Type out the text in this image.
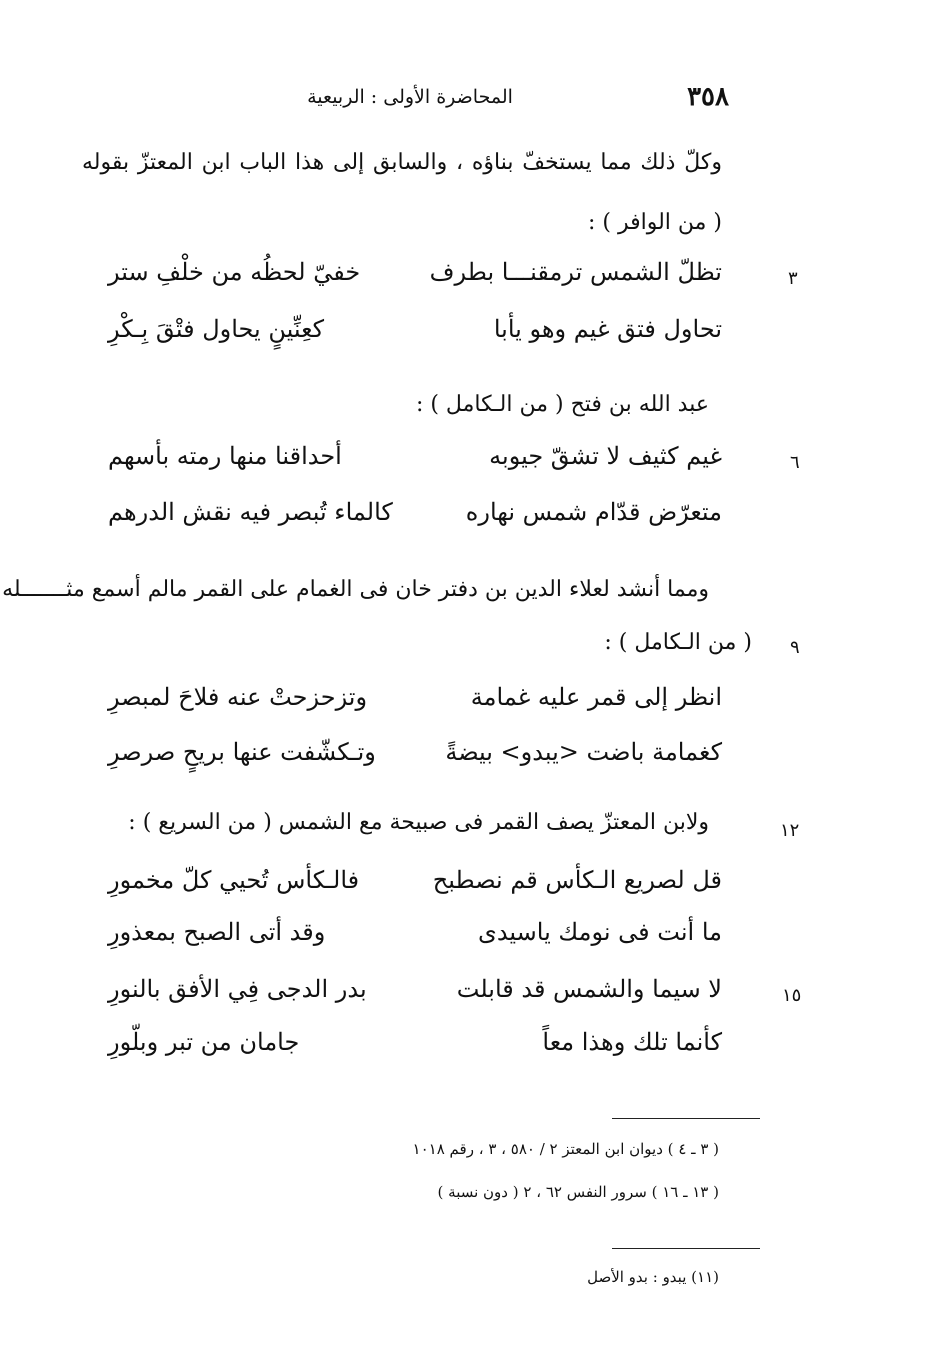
٣٥٨
المحاضرة الأولى : الربيعية
وكلّ ذلك مما يستخفّ بناؤه ، والسابق إلى هذا الباب ابن المعتزّ بقوله
( من الوافر ) :
٣
تظلّ الشمس ترمقنـــا بطرف
خفيّ لحظُه من خلْفِ ستر
تحاول فتق غيم وهو يأبا
كعِنِّينٍ يحاول فتْقَ بِـكْرِ
عبد الله بن فتح ( من الـكامل ) :
٦
غيم كثيف لا تشقّ جيوبه
أحداقنا منها رمته بأسهم
متعرّض قدّام شمس نهاره
كالماء تُبصر فيه نقش الدرهم
ومما أنشد لعلاء الدين بن دفتر خان فى الغمام على القمر مالم أسمع مثـــــــله
٩
( من الـكامل ) :
انظر إلى قمر عليه غمامة
وتزحزحتْ عنه فلاحَ لمبصرِ
كغمامة باضت <يبدو> بيضةً
وتـكشّفت عنها بريحٍ صرصرِ
١٢
ولابن المعتزّ يصف القمر فى صبيحة مع الشمس ( من السريع ) :
قل لصريع الـكأس قم نصطبح
فالـكأس تُحيي كلّ مخمورِ
ما أنت فى نومك ياسيدى
وقد أتى الصبح بمعذورِ
١٥
لا سيما والشمس قد قابلت
بدر الدجى فِي الأفق بالنورِ
كأنما تلك وهذا معاً
جامان من تبر وبلّورِ
( ٣ ـ ٤ ) ديوان ابن المعتز ٢ / ٥٨٠ ، ٣ ، رقم ١٠١٨
( ١٣ ـ ١٦ ) سرور النفس ٦٢ ، ٢ ( دون نسبة )
(١١) يبدو : بدو الأصل
